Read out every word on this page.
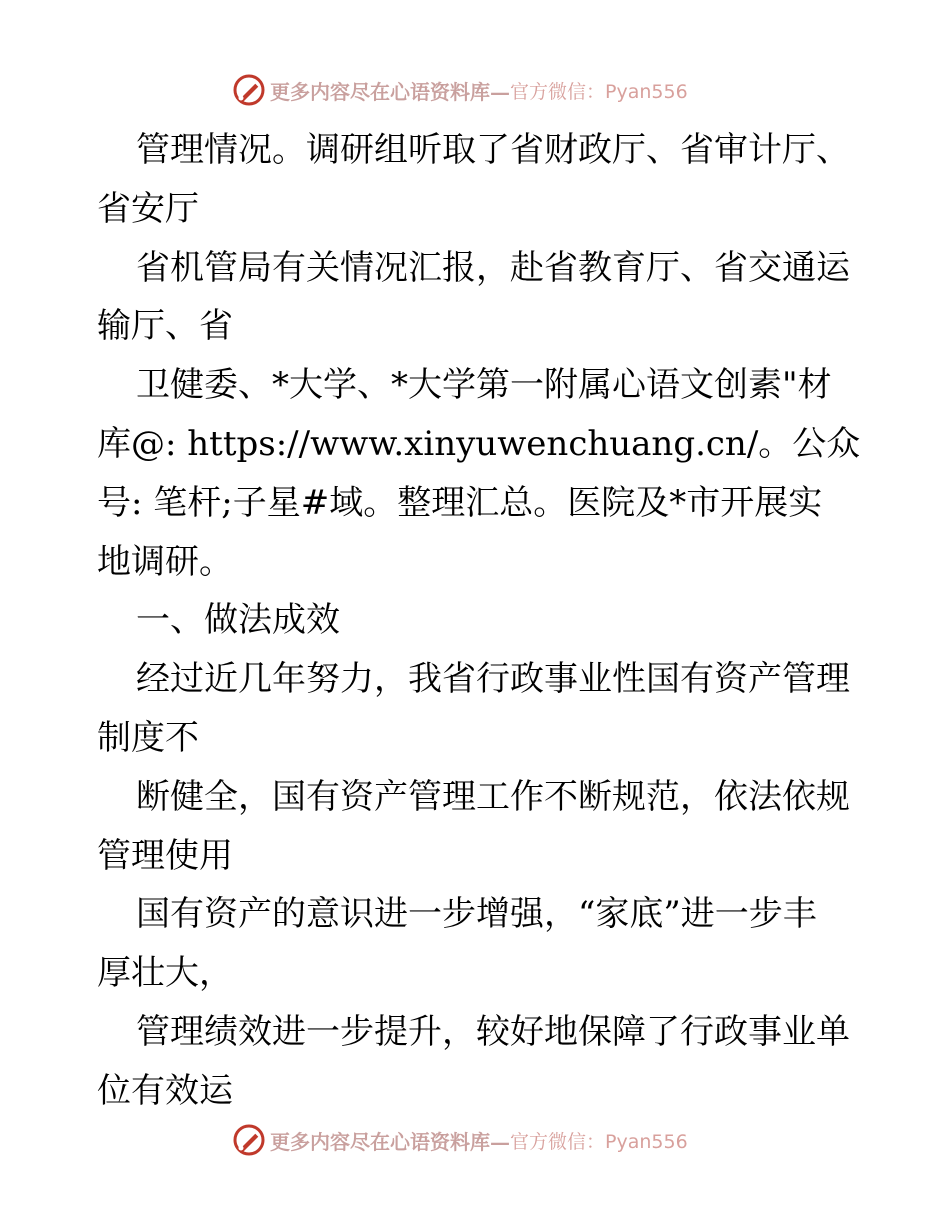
更多内容尽在心语资料库— 官方微信：Pyan556
管理情况。调研组听取了省财政厅、省审计厅、
省安厅
省机管局有关情况汇报，赴省教育厅、省交通运
输厅、省
卫健委、*大学、*大学第一附属心语文创素"材
库@: https://www.xinyuwenchuang.cn/。公众
号: 笔杆;子星#域。整理汇总。医院及*市开展实
地调研。
一、做法成效
经过近几年努力，我省行政事业性国有资产管理
制度不
断健全，国有资产管理工作不断规范，依法依规
管理使用
国有资产的意识进一步增强，“家底”进一步丰
厚壮大，
管理绩效进一步提升，较好地保障了行政事业单
位有效运
更多内容尽在心语资料库— 官方微信：Pyan556
